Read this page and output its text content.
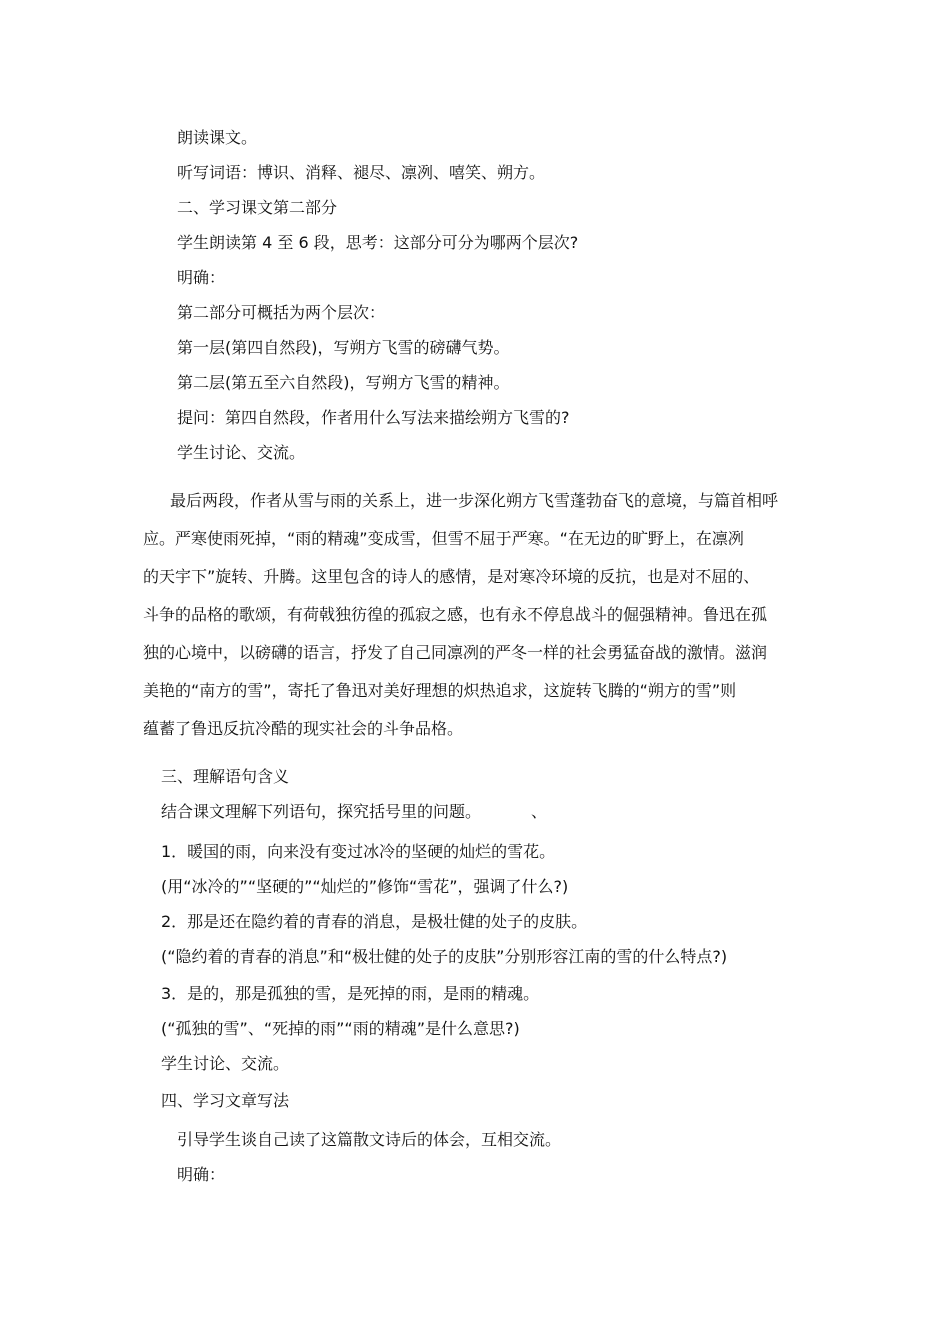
朗读课文。
听写词语：博识、消释、褪尽、凛冽、嘻笑、朔方。
二、学习课文第二部分
学生朗读第 4 至 6 段，思考：这部分可分为哪两个层次?
明确：
第二部分可概括为两个层次：
第一层(第四自然段)，写朔方飞雪的磅礴气势。
第二层(第五至六自然段)，写朔方飞雪的精神。
提问：第四自然段，作者用什么写法来描绘朔方飞雪的?
学生讨论、交流。

最后两段，作者从雪与雨的关系上，进一步深化朔方飞雪蓬勃奋飞的意境，与篇首相呼

应。严寒使雨死掉，“雨的精魂”变成雪，但雪不屈于严寒。“在无边的旷野上，在凛冽

的天宇下”旋转、升腾。这里包含的诗人的感情，是对寒冷环境的反抗，也是对不屈的、

斗争的品格的歌颂，有荷戟独彷徨的孤寂之感，也有永不停息战斗的倔强精神。鲁迅在孤

独的心境中，以磅礴的语言，抒发了自己同凛冽的严冬一样的社会勇猛奋战的激情。滋润

美艳的“南方的雪”，寄托了鲁迅对美好理想的炽热追求，这旋转飞腾的“朔方的雪”则

蕴蓄了鲁迅反抗冷酷的现实社会的斗争品格。

三、理解语句含义
结合课文理解下列语句，探究括号里的问题。	、
1．暖国的雨，向来没有变过冰冷的坚硬的灿烂的雪花。
(用“冰冷的”“坚硬的”“灿烂的”修饰“雪花”，强调了什么?)
2．那是还在隐约着的青春的消息，是极壮健的处子的皮肤。
(“隐约着的青春的消息”和“极壮健的处子的皮肤”分别形容江南的雪的什么特点?)
3．是的，那是孤独的雪，是死掉的雨，是雨的精魂。
(“孤独的雪”、“死掉的雨”“雨的精魂”是什么意思?)
学生讨论、交流。
四、学习文章写法
引导学生谈自己读了这篇散文诗后的体会，互相交流。
明确：
